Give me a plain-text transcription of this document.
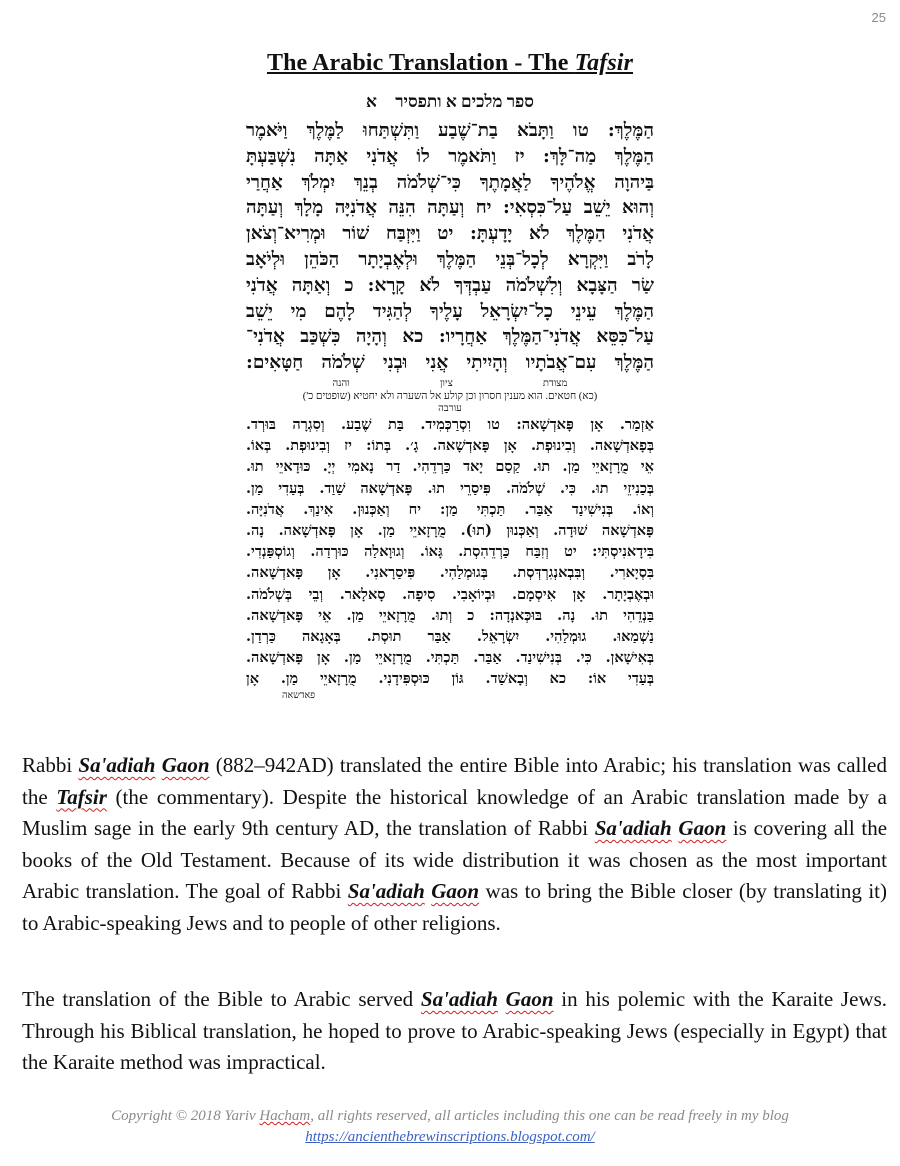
25
The Arabic Translation - The Tafsir
ספר מלכים א ותפסיר א
הַמֶּלֶךְ: טו וַתָּבֹא בַת־שֶׁבַע וַתִּשְׁתַּחוּ לַמֶּלֶךְ וַיֹּאמֶר
הַמֶּלֶךְ מַה־לָּךְ: יז וַתֹּאמֶר לוֹ אֲדֹנִי אַתָּה נִשְׁבַּעְתָּ
בַּיהוָה אֱלֹהֶיךָ לַאֲמָתֶךָ כִּי־שְׁלֹמֹה בְנֵךְ יִמְלֹךְ אַחֲרַי
וְהוּא יֵשֵׁב עַל־כִּסְאִי: יח וְעַתָּה הִנֵּה אֲדֹנִיָּה מָלָךְ וְעַתָּה
אֲדֹנִי הַמֶּלֶךְ לֹא יָדָעְתָּ: יט וַיִּזְבַּח שׁוֹר וּמְרִיא־וְצֹאן
לָרֹב וַיִּקְרָא לְכָל־בְּנֵי הַמֶּלֶךְ וּלְאֶבְיָתָר הַכֹּהֵן וּלְיֹאָב
שַׂר הַצָּבָא וְלִשְׁלֹמֹה עַבְדְּךָ לֹא קָרָא: כ וְאַתָּה אֲדֹנִי
הַמֶּלֶךְ עֵינֵי כָל־יִשְׂרָאֵל עָלֶיךָ לְהַגִּיד לָהֶם מִי יֵשֵׁב
עַל־כִּסֵּא אֲדֹנִי־הַמֶּלֶךְ אַחֲרָיו: כא וְהָיָה כִּשְׁכַּב אֲדֹנִי־
הַמֶּלֶךְ עִם־אֲבֹתָיו וְהָיִיתִי אֲנִי וּבְנִי שְׁלֹמֹה חַטָּאִים:
מצודת
ציון
והנה
(כא) חטאים. הוא מענין חסרון וכן קולע אל השערה ולא יחטיא (שופטים כ')
עורבה
אַזְמַר. אָן פָּאדְשָׁאה: טו וִסְרַכְּמִיד. בַּת שֶׁבַע. וְסִגְרָה בּוּרְד.
בְּפָאדְשָׁאה. וְבִינוּפְת. אָן פָּאדְשָׁאה. גָ׳. בְּתוֹ: יז וְבִינוּפְת. בְּאוֹ.
אֵי מֻרָזָאיֵי מַן. תוּ. קַסַם יָאד כַּרְדֵהִי. דַר נָאמִי יְיָ. כּוּדָאיֵי תוּ.
בְּכַנִיזֵי תוּ. כִּי. שְׁלֹמֹה. פִּיסַרֵי תוּ. פָּאדְשָׁאה שַׁוַד. בְּעַדִי מַן.
וְאוֹ. בְּנִישִׁינַד אַבַּר. תַּכְתִּי מַן: יח וְאַכְּנוּן. אִינַךְ. אֲדֹנִיָּה.
פָּאדְשָׁאה שׁוּדָה. וְאַכְּנוּן (תוּ). מֻרָזָאיֵי מַן. אָן פָּאדְשָׁאה. נָה.
בִּידָאנִיסְתִּי: יט וְזִבַּח כַּרְדֵהִסְת. גָּאוֹ. וְגוּוָאלַה כּוּרְדַה. וְגוֹסְפַּנְדִי.
בִּסְיָארִי. וְבִּבְאנְגִרְדְּסְת. בְּגוּמְלַהִי. פִּיסַרָאנִי. אָן פָּאדְשָׁאה.
וּבְאֶבְיָתָר. אָן אִיסְמָם. וּבְיוֹאָבִי. סִיפָה. סָאלָאר. וְבֵי בְּשְׁלֹמֹה.
בַּנְדֵהִי תוּ. נָה. בּוּכְּאנְדָה: כ וְתוּ. מֻרָזָאיֵי מַן. אֵי פָּאדְשָׁאה.
נַשְׁמַאוּ. גוּמְלַהִי. יִשְׂרָאֵל. אַבַּר תוּסְת. בְּאָגָאה כַּרְדַן.
בְּאִישָׁאן. כִּי. בְּנִישִׁינַד. אַבַּר. תַּכְתִּי. מֻרָזָאיֵי מַן. אָן פָּאדְשָׁאה.
בְּעַדִי אוֹ: כא וְבָאשַׁד. גּוֹן כּוּסְפִּידָנִי. מֻרָזָאיֵי מַן. אָן
פאדשאה

Rabbi Sa'adiah Gaon (882–942AD) translated the entire Bible into Arabic; his translation was called the Tafsir (the commentary). Despite the historical knowledge of an Arabic translation made by a Muslim sage in the early 9th century AD, the translation of Rabbi Sa'adiah Gaon is covering all the books of the Old Testament. Because of its wide distribution it was chosen as the most important Arabic translation. The goal of Rabbi Sa'adiah Gaon was to bring the Bible closer (by translating it) to Arabic-speaking Jews and to people of other religions.

The translation of the Bible to Arabic served Sa'adiah Gaon in his polemic with the Karaite Jews. Through his Biblical translation, he hoped to prove to Arabic-speaking Jews (especially in Egypt) that the Karaite method was impractical.

Copyright © 2018 Yariv Hacham, all rights reserved, all articles including this one can be read freely in my blog
https://ancienthebrewinscriptions.blogspot.com/
